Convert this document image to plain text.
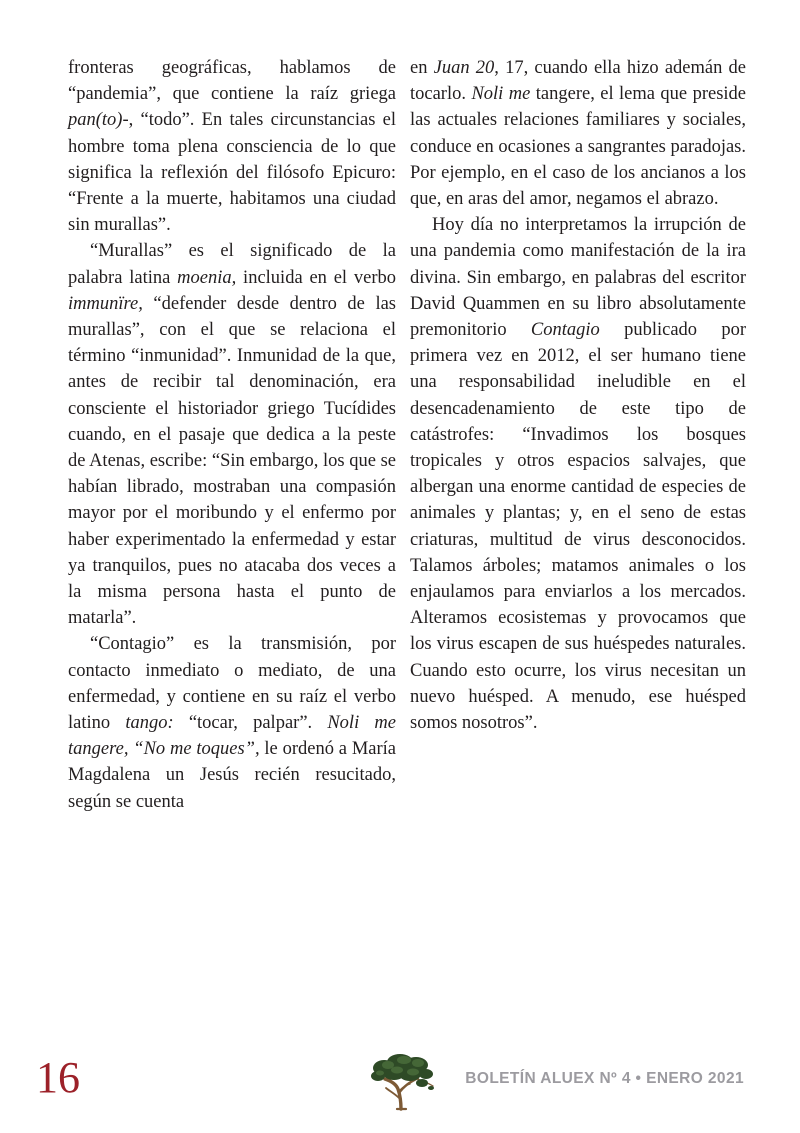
fronteras geográficas, hablamos de “pandemia”, que contiene la raíz griega pan(to)-, “todo”. En tales circunstancias el hombre toma plena consciencia de lo que significa la reflexión del filósofo Epicuro: “Frente a la muerte, habitamos una ciudad sin murallas”.

“Murallas” es el significado de la palabra latina moenia, incluida en el verbo immunïre, “defender desde dentro de las murallas”, con el que se relaciona el término “inmunidad”. Inmunidad de la que, antes de recibir tal denominación, era consciente el historiador griego Tucídides cuando, en el pasaje que dedica a la peste de Atenas, escribe: “Sin embargo, los que se habían librado, mostraban una compasión mayor por el moribundo y el enfermo por haber experimentado la enfermedad y estar ya tranquilos, pues no atacaba dos veces a la misma persona hasta el punto de matarla”.

“Contagio” es la transmisión, por contacto inmediato o mediato, de una enfermedad, y contiene en su raíz el verbo latino tango: “tocar, palpar”. Noli me tangere, “No me toques”, le ordenó a María Magdalena un Jesús recién resucitado, según se cuenta

en Juan 20, 17, cuando ella hizo ademán de tocarlo. Noli me tangere, el lema que preside las actuales relaciones familiares y sociales, conduce en ocasiones a sangrantes paradojas. Por ejemplo, en el caso de los ancianos a los que, en aras del amor, negamos el abrazo.

Hoy día no interpretamos la irrupción de una pandemia como manifestación de la ira divina. Sin embargo, en palabras del escritor David Quammen en su libro absolutamente premonitorio Contagio publicado por primera vez en 2012, el ser humano tiene una responsabilidad ineludible en el desencadenamiento de este tipo de catástrofes: “Invadimos los bosques tropicales y otros espacios salvajes, que albergan una enorme cantidad de especies de animales y plantas; y, en el seno de estas criaturas, multitud de virus desconocidos. Talamos árboles; matamos animales o los enjaulamos para enviarlos a los mercados. Alteramos ecosistemas y provocamos que los virus escapen de sus huéspedes naturales. Cuando esto ocurre, los virus necesitan un nuevo huésped. A menudo, ese huésped somos nosotros”.

16	BOLETÍN ALUEX Nº 4 • ENERO 2021
